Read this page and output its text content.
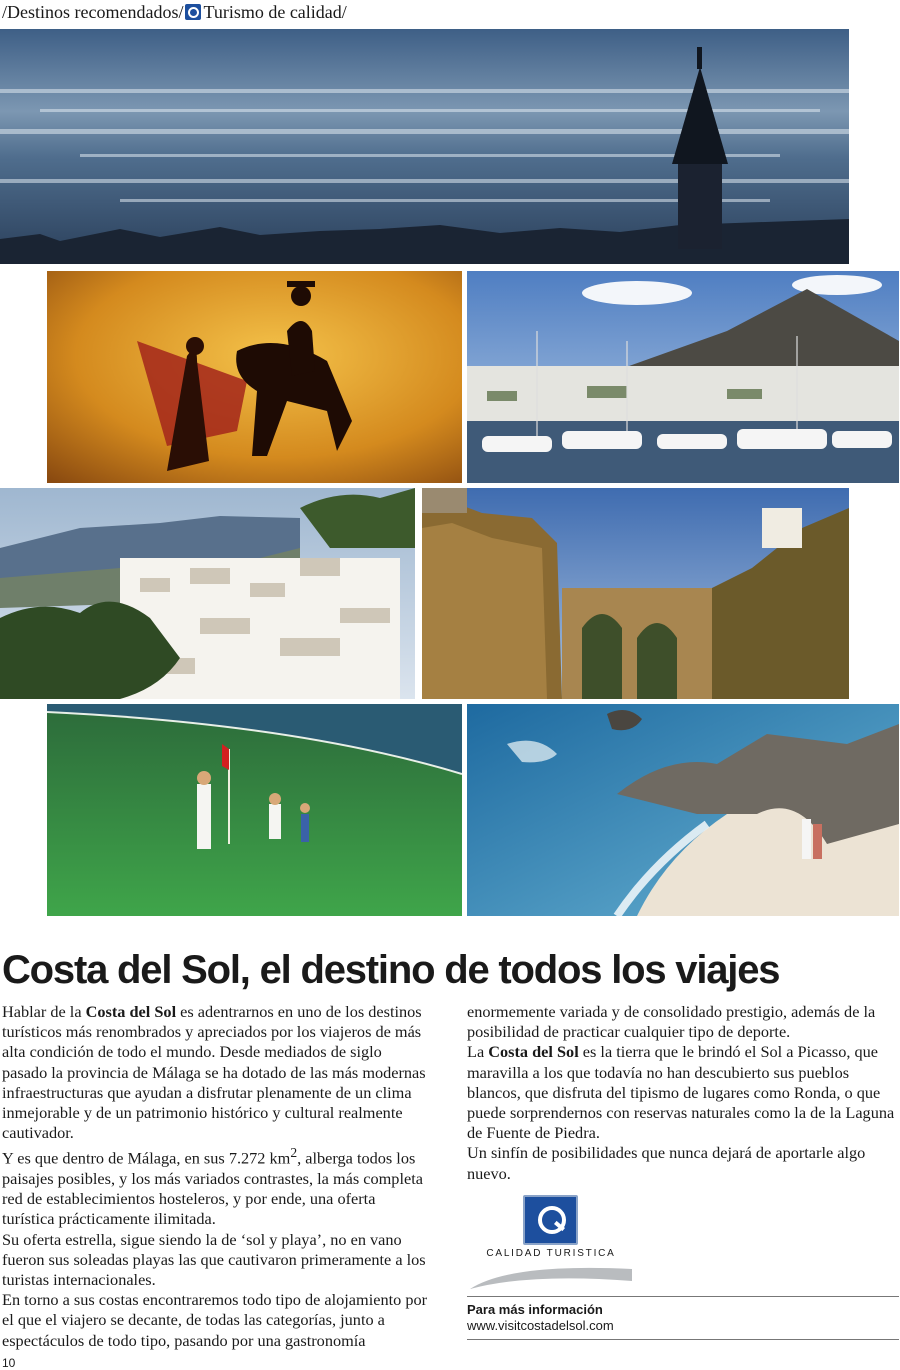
/Destinos recomendados/ Turismo de calidad/
Costa del Sol, el destino de todos los viajes

Hablar de la Costa del Sol es adentrarnos en uno de los destinos turísticos más renombrados y apreciados por los viajeros de más alta condición de todo el mundo. Desde mediados de siglo pasado la provincia de Málaga se ha dotado de las más modernas infraestructuras que ayudan a disfrutar plenamente de un clima inmejorable y de un patrimonio histórico y cultural realmente cautivador.

Y es que dentro de Málaga, en sus 7.272 $km^2$, alberga todos los paisajes posibles, y los más variados contrastes, la más completa red de establecimientos hosteleros, y por ende, una oferta turística prácticamente ilimitada.

Su oferta estrella, sigue siendo la de ‘sol y playa’, no en vano fueron sus soleadas playas las que cautivaron primeramente a los turistas internacionales.

En torno a sus costas encontraremos todo tipo de alojamiento por el que el viajero se decante, de todas las categorías, junto a espectáculos de todo tipo, pasando por una gastronomía

enormemente variada y de consolidado prestigio, además de la posibilidad de practicar cualquier tipo de deporte.

La Costa del Sol es la tierra que le brindó el Sol a Picasso, que maravilla a los que todavía no han descubierto sus pueblos blancos, que disfruta del tipismo de lugares como Ronda, o que puede sorprendernos con reservas naturales como la de la Laguna de Fuente de Piedra.

Un sinfín de posibilidades que nunca dejará de aportarle algo nuevo.

CALIDAD TURISTICA
Para más información
www.visitcostadelsol.com
10
